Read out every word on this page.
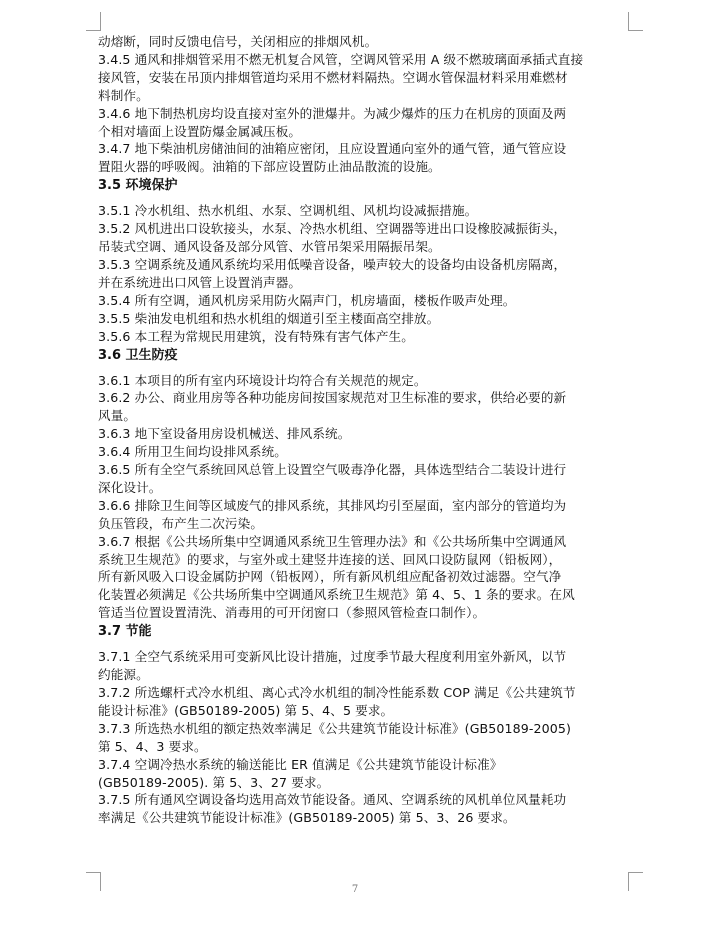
动熔断，同时反馈电信号，关闭相应的排烟风机。
3.4.5 通风和排烟管采用不燃无机复合风管，空调风管采用 A 级不燃玻璃面承插式直接
接风管，安装在吊顶内排烟管道均采用不燃材料隔热。空调水管保温材料采用难燃材
料制作。
3.4.6 地下制热机房均设直接对室外的泄爆井。为减少爆炸的压力在机房的顶面及两
个相对墙面上设置防爆金属减压板。
3.4.7 地下柴油机房储油间的油箱应密闭，且应设置通向室外的通气管，通气管应设
置阻火器的呼吸阀。油箱的下部应设置防止油品散流的设施。
3.5 环境保护
3.5.1 冷水机组、热水机组、水泵、空调机组、风机均设减振措施。
3.5.2 风机进出口设软接头，水泵、冷热水机组、空调器等进出口设橡胶减振街头，
吊装式空调、通风设备及部分风管、水管吊架采用隔振吊架。
3.5.3 空调系统及通风系统均采用低噪音设备，噪声较大的设备均由设备机房隔离，
并在系统进出口风管上设置消声器。
3.5.4 所有空调，通风机房采用防火隔声门，机房墙面，楼板作吸声处理。
3.5.5 柴油发电机组和热水机组的烟道引至主楼面高空排放。
3.5.6 本工程为常规民用建筑，没有特殊有害气体产生。
3.6 卫生防疫
3.6.1 本项目的所有室内环境设计均符合有关规范的规定。
3.6.2 办公、商业用房等各种功能房间按国家规范对卫生标准的要求，供给必要的新
风量。
3.6.3 地下室设备用房设机械送、排风系统。
3.6.4 所用卫生间均设排风系统。
3.6.5 所有全空气系统回风总管上设置空气吸毒净化器，具体选型结合二装设计进行
深化设计。
3.6.6 排除卫生间等区域废气的排风系统，其排风均引至屋面，室内部分的管道均为
负压管段，布产生二次污染。
3.6.7 根据《公共场所集中空调通风系统卫生管理办法》和《公共场所集中空调通风
系统卫生规范》的要求，与室外或土建竖井连接的送、回风口设防鼠网（铅板网），
所有新风吸入口设金属防护网（铅板网），所有新风机组应配备初效过滤器。空气净
化装置必须满足《公共场所集中空调通风系统卫生规范》第 4、5、1 条的要求。在风
管适当位置设置清洗、消毒用的可开闭窗口（参照风管检查口制作）。
3.7 节能
3.7.1 全空气系统采用可变新风比设计措施，过度季节最大程度利用室外新风，以节
约能源。
3.7.2 所选螺杆式冷水机组、离心式冷水机组的制冷性能系数 COP 满足《公共建筑节
能设计标准》(GB50189-2005) 第 5、4、5 要求。
3.7.3 所选热水机组的额定热效率满足《公共建筑节能设计标准》(GB50189-2005)
第 5、4、3 要求。
3.7.4 空调冷热水系统的输送能比 ER 值满足《公共建筑节能设计标准》
(GB50189-2005). 第 5、3、27 要求。
3.7.5 所有通风空调设备均选用高效节能设备。通风、空调系统的风机单位风量耗功
率满足《公共建筑节能设计标准》(GB50189-2005) 第 5、3、26 要求。
7
